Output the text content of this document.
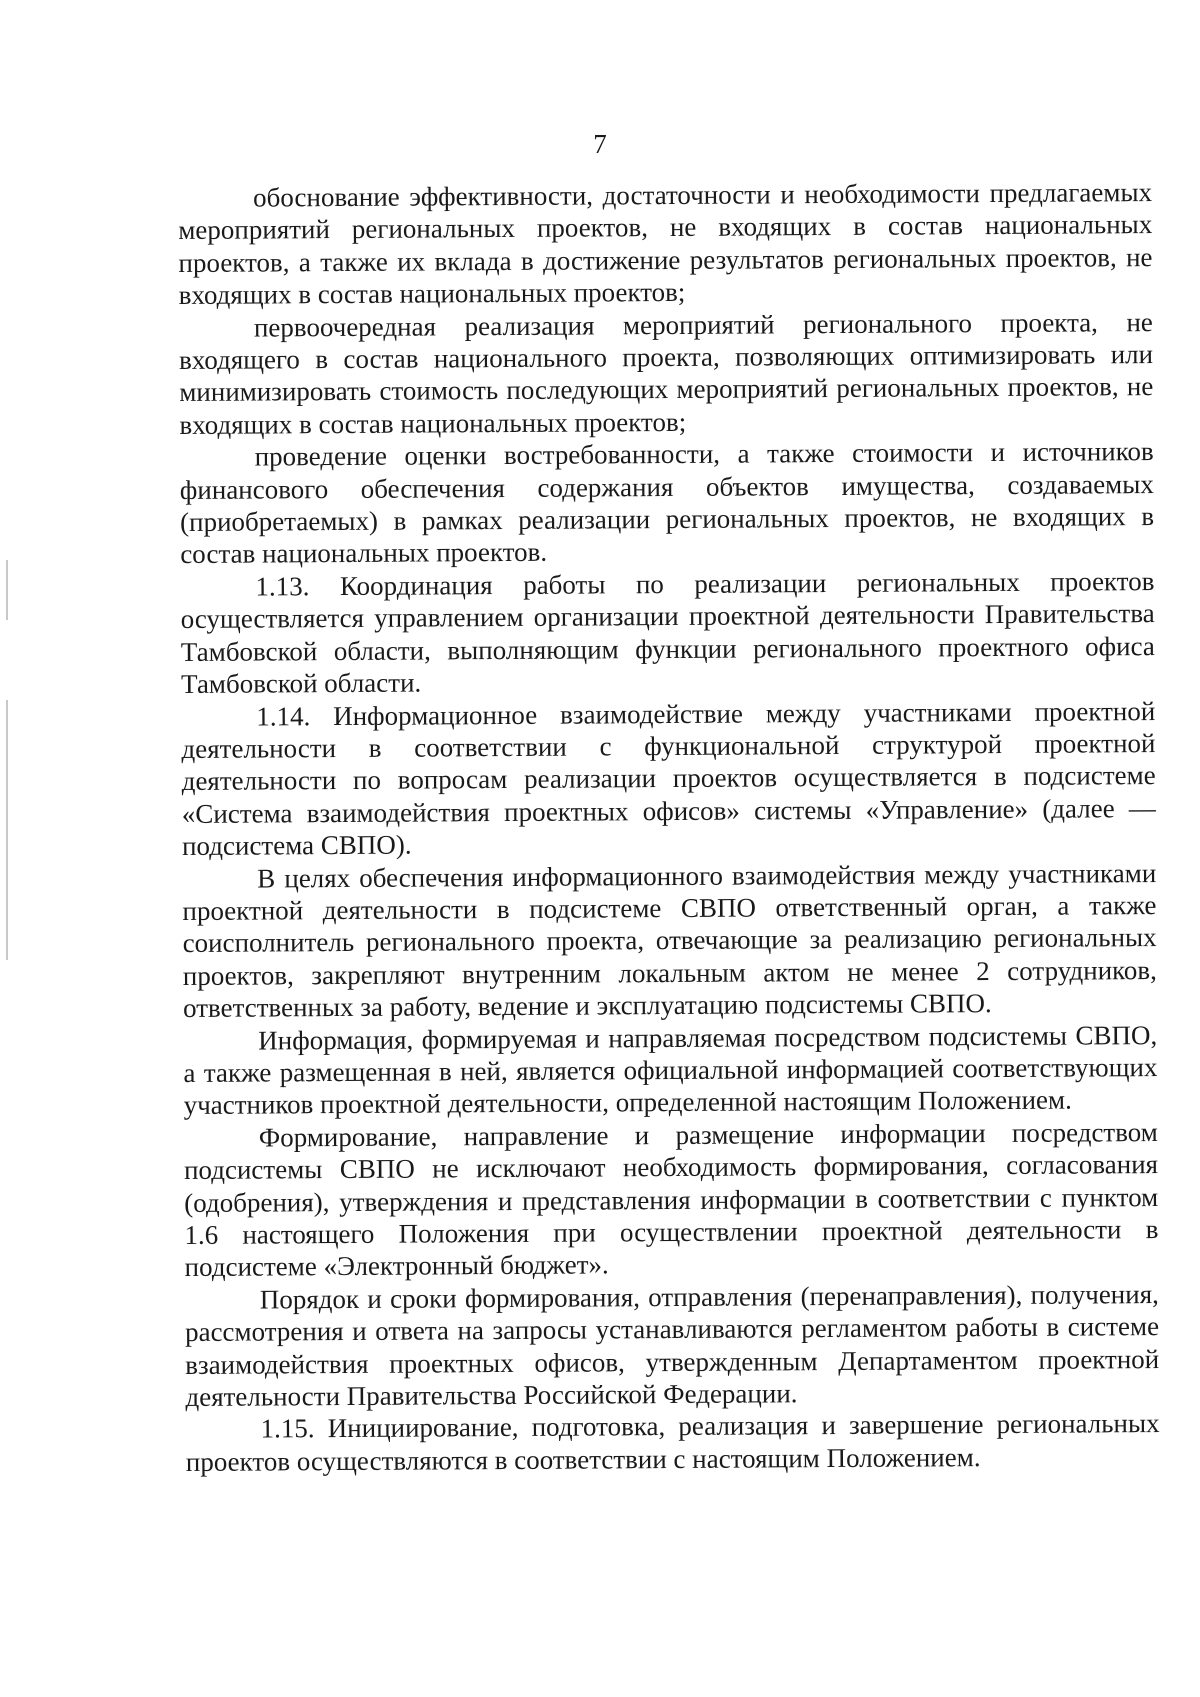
7

обоснование эффективности, достаточности и необходимости предлагаемых мероприятий региональных проектов, не входящих в состав национальных проектов, а также их вклада в достижение результатов региональных проектов, не входящих в состав национальных проектов;

первоочередная реализация мероприятий регионального проекта, не входящего в состав национального проекта, позволяющих оптимизировать или минимизировать стоимость последующих мероприятий региональных проектов, не входящих в состав национальных проектов;

проведение оценки востребованности, а также стоимости и источников финансового обеспечения содержания объектов имущества, создаваемых (приобретаемых) в рамках реализации региональных проектов, не входящих в состав национальных проектов.

1.13. Координация работы по реализации региональных проектов осуществляется управлением организации проектной деятельности Правительства Тамбовской области, выполняющим функции регионального проектного офиса Тамбовской области.

1.14. Информационное взаимодействие между участниками проектной деятельности в соответствии с функциональной структурой проектной деятельности по вопросам реализации проектов осуществляется в подсистеме «Система взаимодействия проектных офисов» системы «Управление» (далее — подсистема СВПО).

В целях обеспечения информационного взаимодействия между участниками проектной деятельности в подсистеме СВПО ответственный орган, а также соисполнитель регионального проекта, отвечающие за реализацию региональных проектов, закрепляют внутренним локальным актом не менее 2 сотрудников, ответственных за работу, ведение и эксплуатацию подсистемы СВПО.

Информация, формируемая и направляемая посредством подсистемы СВПО, а также размещенная в ней, является официальной информацией соответствующих участников проектной деятельности, определенной настоящим Положением.

Формирование, направление и размещение информации посредством подсистемы СВПО не исключают необходимость формирования, согласования (одобрения), утверждения и представления информации в соответствии с пунктом 1.6 настоящего Положения при осуществлении проектной деятельности в подсистеме «Электронный бюджет».

Порядок и сроки формирования, отправления (перенаправления), получения, рассмотрения и ответа на запросы устанавливаются регламентом работы в системе взаимодействия проектных офисов, утвержденным Департаментом проектной деятельности Правительства Российской Федерации.

1.15. Инициирование, подготовка, реализация и завершение региональных проектов осуществляются в соответствии с настоящим Положением.
